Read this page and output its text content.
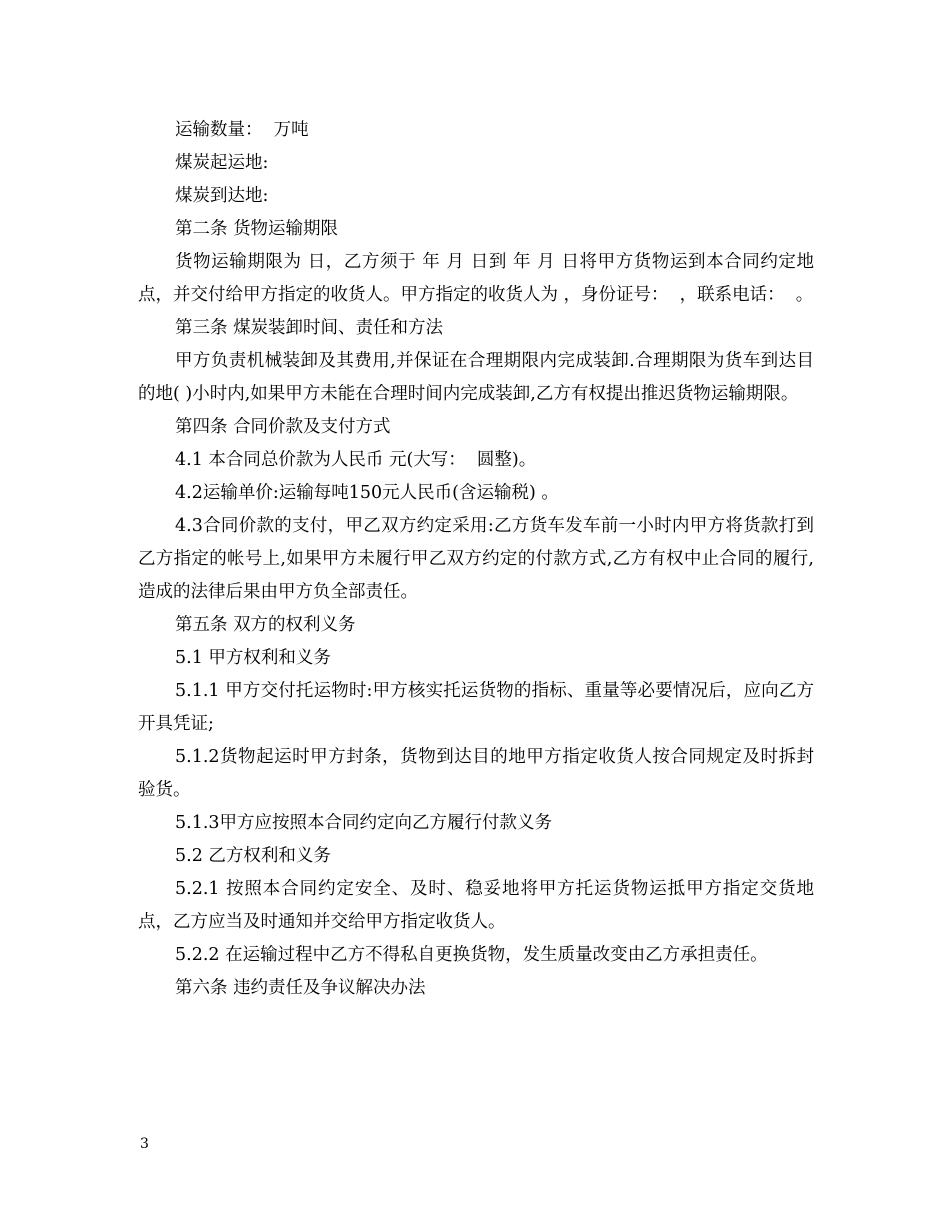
运输数量：  万吨

煤炭起运地:

煤炭到达地:

第二条 货物运输期限

货物运输期限为 日，乙方须于 年 月 日到 年 月 日将甲方货物运到本合同约定地点，并交付给甲方指定的收货人。甲方指定的收货人为 ，身份证号：  ，联系电话：  。

第三条 煤炭装卸时间、责任和方法

甲方负责机械装卸及其费用,并保证在合理期限内完成装卸.合理期限为货车到达目的地( )小时内,如果甲方未能在合理时间内完成装卸,乙方有权提出推迟货物运输期限。

第四条 合同价款及支付方式

4.1 本合同总价款为人民币 元(大写：  圆整)。

4.2运输单价:运输每吨150元人民币(含运输税) 。

4.3合同价款的支付，甲乙双方约定采用:乙方货车发车前一小时内甲方将货款打到乙方指定的帐号上,如果甲方未履行甲乙双方约定的付款方式,乙方有权中止合同的履行,造成的法律后果由甲方负全部责任。

第五条 双方的权利义务

5.1 甲方权利和义务

5.1.1 甲方交付托运物时:甲方核实托运货物的指标、重量等必要情况后，应向乙方开具凭证;

5.1.2货物起运时甲方封条，货物到达目的地甲方指定收货人按合同规定及时拆封验货。

5.1.3甲方应按照本合同约定向乙方履行付款义务

5.2 乙方权利和义务

5.2.1 按照本合同约定安全、及时、稳妥地将甲方托运货物运抵甲方指定交货地点，乙方应当及时通知并交给甲方指定收货人。

5.2.2 在运输过程中乙方不得私自更换货物，发生质量改变由乙方承担责任。

第六条 违约责任及争议解决办法

3
